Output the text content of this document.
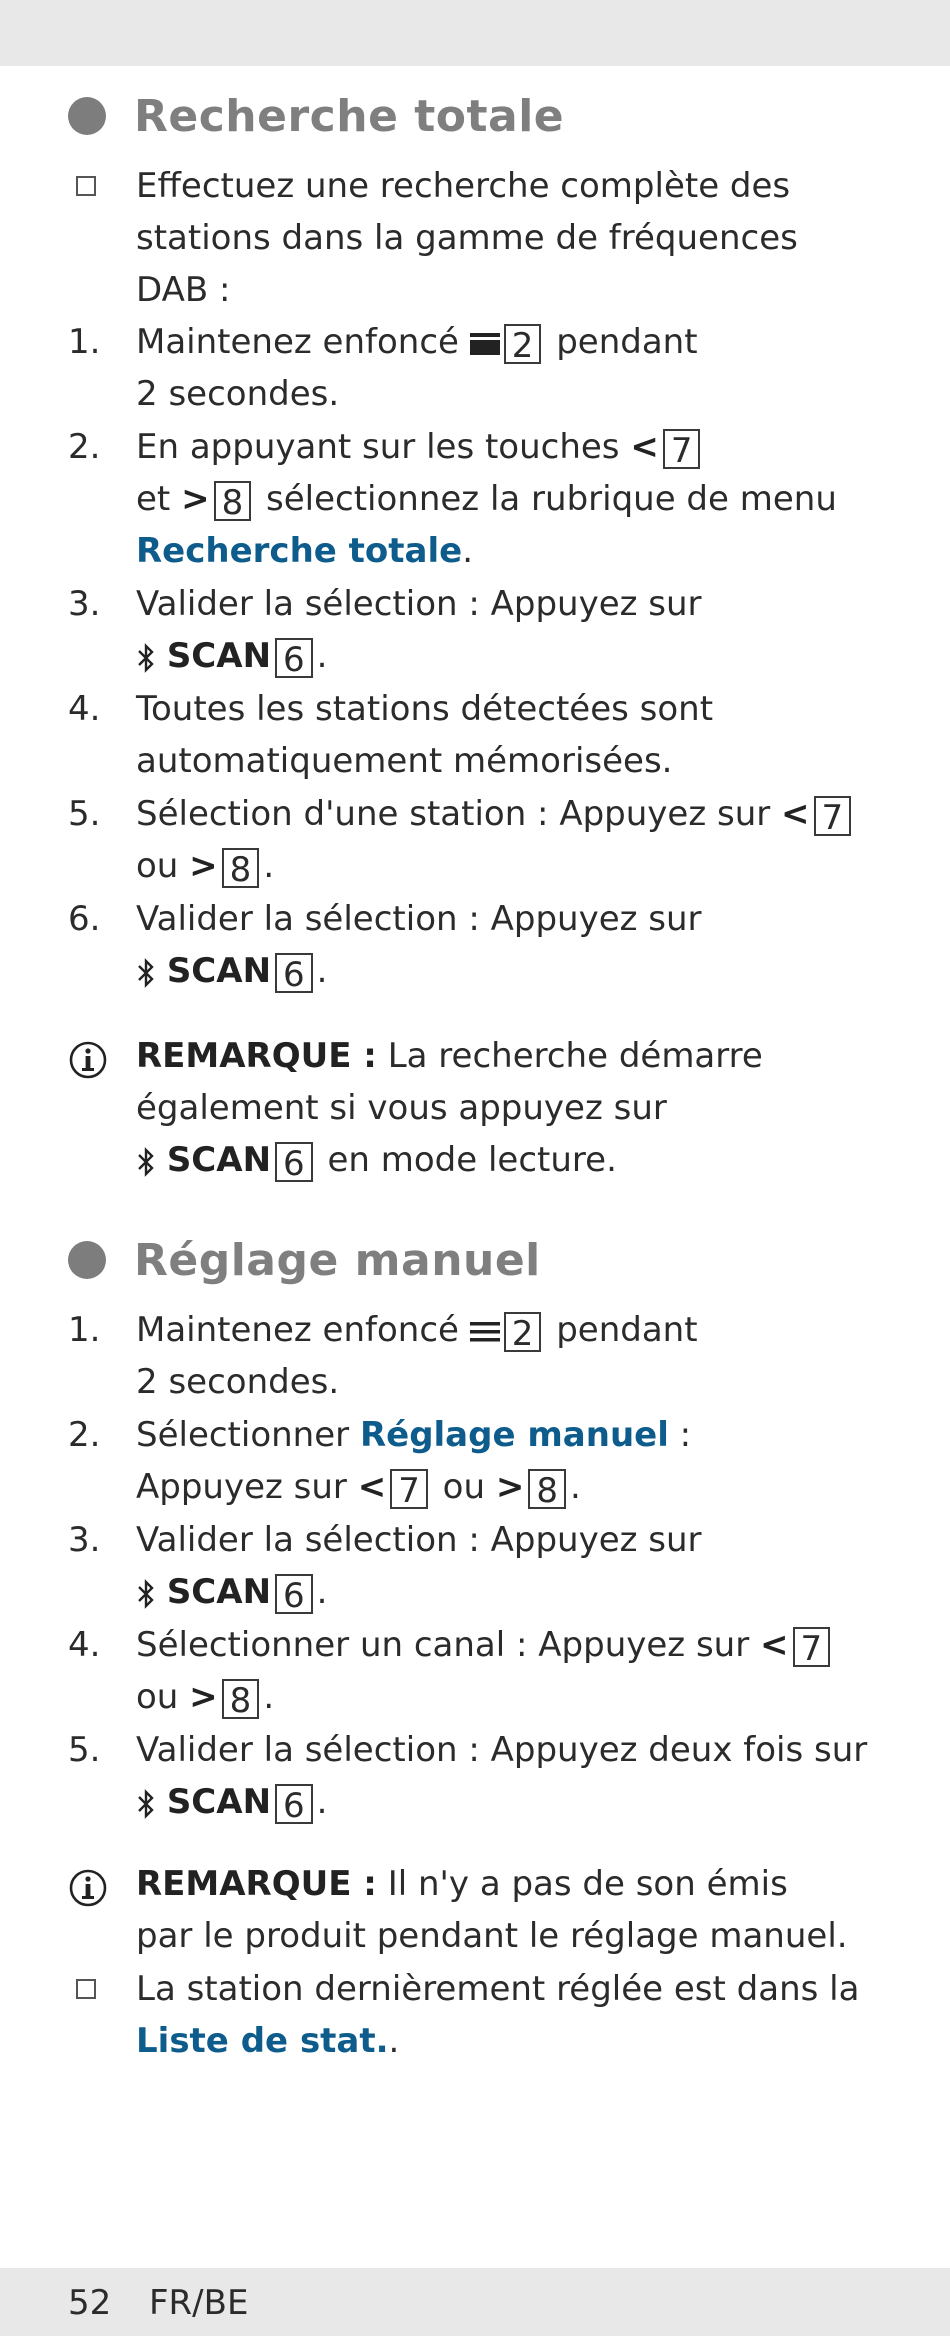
Recherche totale
Effectuez une recherche complète des
stations dans la gamme de fréquences
DAB :
1. Maintenez enfoncé 2 pendant
2 secondes.
2. En appuyant sur les touches < 7
et > 8 sélectionnez la rubrique de menu
Recherche totale.
3. Valider la sélection : Appuyez sur
SCAN 6 .
4. Toutes les stations détectées sont
automatiquement mémorisées.
5. Sélection d'une station : Appuyez sur < 7
ou > 8 .
6. Valider la sélection : Appuyez sur
SCAN 6 .
REMARQUE : La recherche démarre
également si vous appuyez sur
SCAN 6 en mode lecture.
Réglage manuel
1. Maintenez enfoncé 2 pendant
2 secondes.
2. Sélectionner Réglage manuel :
Appuyez sur < 7 ou > 8 .
3. Valider la sélection : Appuyez sur
SCAN 6 .
4. Sélectionner un canal : Appuyez sur < 7
ou > 8 .
5. Valider la sélection : Appuyez deux fois sur
SCAN 6 .
REMARQUE : Il n'y a pas de son émis
par le produit pendant le réglage manuel.
La station dernièrement réglée est dans la
Liste de stat..
52 FR/BE
